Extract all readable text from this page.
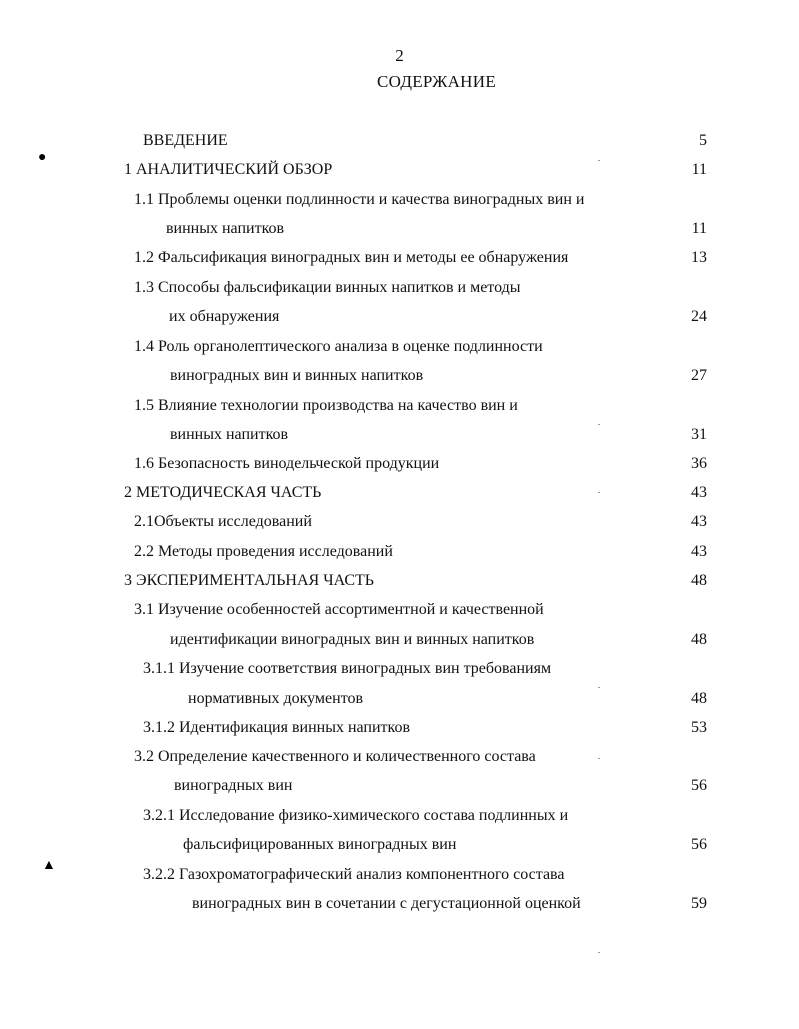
2
СОДЕРЖАНИЕ
ВВЕДЕНИЕ	5
1 АНАЛИТИЧЕСКИЙ ОБЗОР	11
1.1 Проблемы оценки подлинности и качества виноградных вин и
винных напитков	11
1.2 Фальсификация виноградных вин и методы ее обнаружения	13
1.3 Способы фальсификации винных напитков и методы
их обнаружения	24
1.4 Роль органолептического анализа в оценке подлинности
виноградных вин и винных напитков	27
1.5 Влияние технологии производства на качество вин и
винных напитков	31
1.6 Безопасность винодельческой продукции	36
2 МЕТОДИЧЕСКАЯ ЧАСТЬ	43
2.1Объекты исследований	43
2.2 Методы проведения исследований	43
3 ЭКСПЕРИМЕНТАЛЬНАЯ ЧАСТЬ	48
3.1 Изучение особенностей ассортиментной и качественной
идентификации виноградных вин и винных напитков	48
3.1.1 Изучение соответствия виноградных вин требованиям
нормативных документов	48
3.1.2 Идентификация винных напитков	53
3.2 Определение качественного и количественного состава
виноградных вин	56
3.2.1 Исследование физико-химического состава подлинных и
фальсифицированных виноградных вин	56
3.2.2 Газохроматографический анализ компонентного состава
виноградных вин в сочетании с дегустационной оценкой	59
●
▲
